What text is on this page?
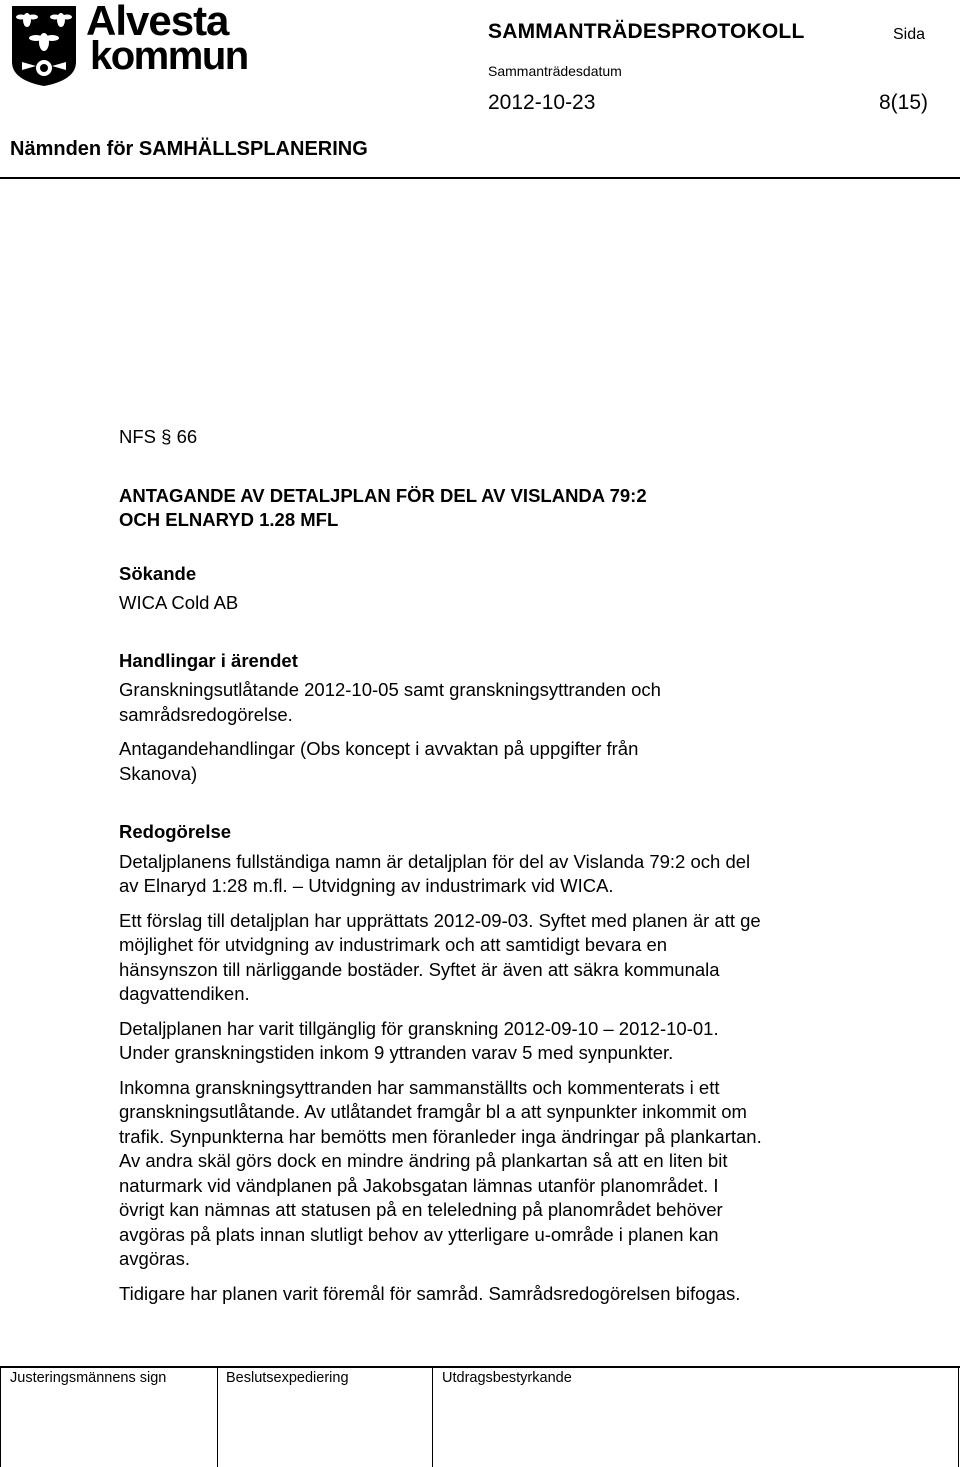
Alvesta
kommun
SAMMANTRÄDESPROTOKOLL	Sida
Sammanträdesdatum
2012-10-23	8(15)
Nämnden för SAMHÄLLSPLANERING

NFS § 66

ANTAGANDE AV DETALJPLAN FÖR DEL AV VISLANDA 79:2

OCH ELNARYD 1.28 MFL

Sökande

WICA Cold AB

Handlingar i ärendet

Granskningsutlåtande 2012-10-05 samt granskningsyttranden och samrådsredogörelse.

Antagandehandlingar (Obs koncept i avvaktan på uppgifter från Skanova)

Redogörelse

Detaljplanens fullständiga namn är detaljplan för del av Vislanda 79:2 och del av Elnaryd 1:28 m.fl. – Utvidgning av industrimark vid WICA.

Ett förslag till detaljplan har upprättats 2012-09-03. Syftet med planen är att ge möjlighet för utvidgning av industrimark och att samtidigt bevara en hänsynszon till närliggande bostäder. Syftet är även att säkra kommunala dagvattendiken.

Detaljplanen har varit tillgänglig för granskning 2012-09-10 – 2012-10-01. Under granskningstiden inkom 9 yttranden varav 5 med synpunkter.

Inkomna granskningsyttranden har sammanställts och kommenterats i ett granskningsutlåtande. Av utlåtandet framgår bl a att synpunkter inkommit om trafik. Synpunkterna har bemötts men föranleder inga ändringar på plankartan. Av andra skäl görs dock en mindre ändring på plankartan så att en liten bit naturmark vid vändplanen på Jakobsgatan lämnas utanför planområdet. I övrigt kan nämnas att statusen på en teleledning på planområdet behöver avgöras på plats innan slutligt behov av ytterligare u-område i planen kan avgöras.

Tidigare har planen varit föremål för samråd. Samrådsredogörelsen bifogas.

Justeringsmännens sign	Beslutsexpediering	Utdragsbestyrkande
